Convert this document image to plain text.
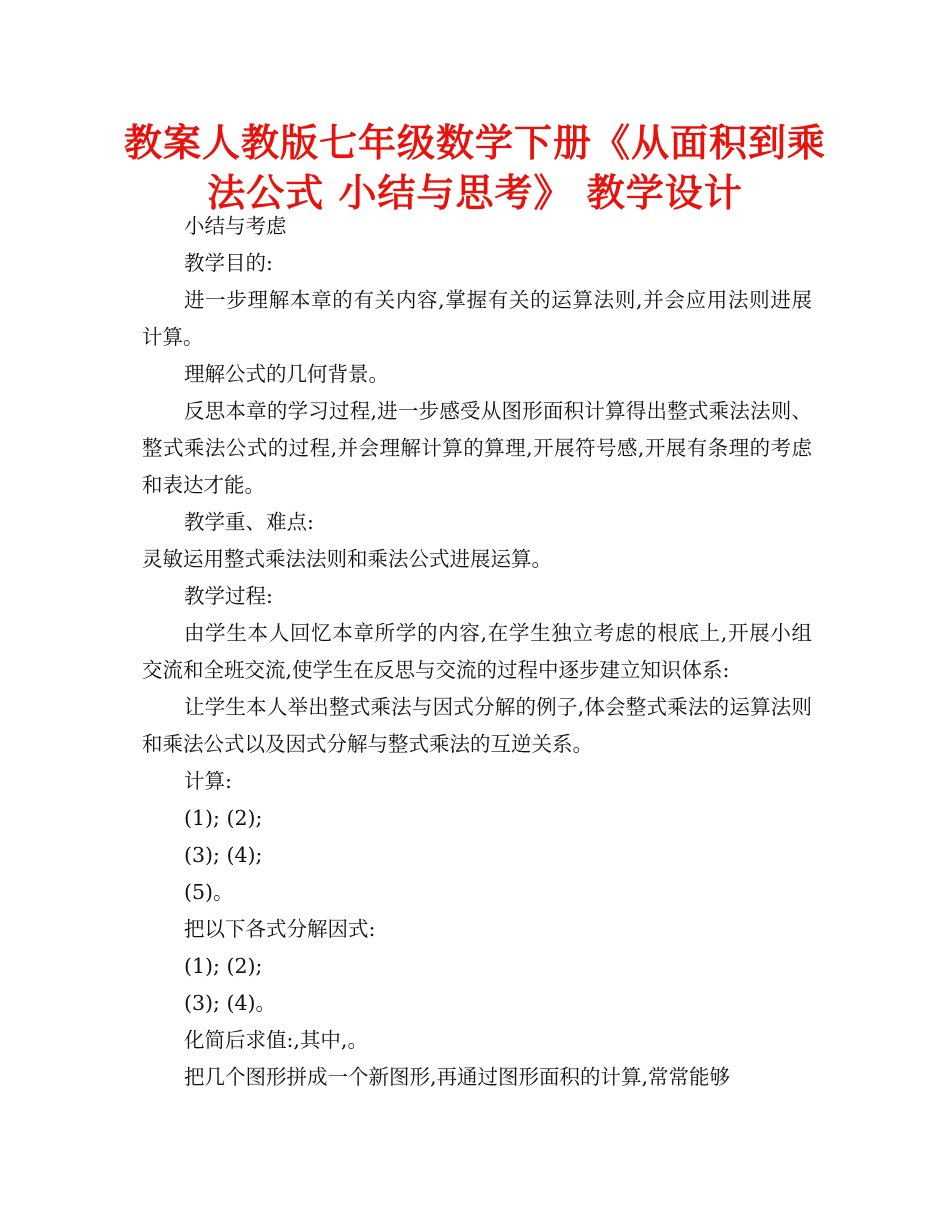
教案人教版七年级数学下册《从面积到乘
法公式 小结与思考》 教学设计

小结与考虑

教学目的:

进一步理解本章的有关内容,掌握有关的运算法则,并会应用法则进展计算。

理解公式的几何背景。

反思本章的学习过程,进一步感受从图形面积计算得出整式乘法法则、整式乘法公式的过程,并会理解计算的算理,开展符号感,开展有条理的考虑和表达才能。

教学重、难点:

灵敏运用整式乘法法则和乘法公式进展运算。

教学过程:

由学生本人回忆本章所学的内容,在学生独立考虑的根底上,开展小组交流和全班交流,使学生在反思与交流的过程中逐步建立知识体系:

让学生本人举出整式乘法与因式分解的例子,体会整式乘法的运算法则和乘法公式以及因式分解与整式乘法的互逆关系。

计算:

(1); (2);

(3); (4);

(5)。

把以下各式分解因式:

(1); (2);

(3); (4)。

化简后求值:,其中,。

把几个图形拼成一个新图形,再通过图形面积的计算,常常能够
